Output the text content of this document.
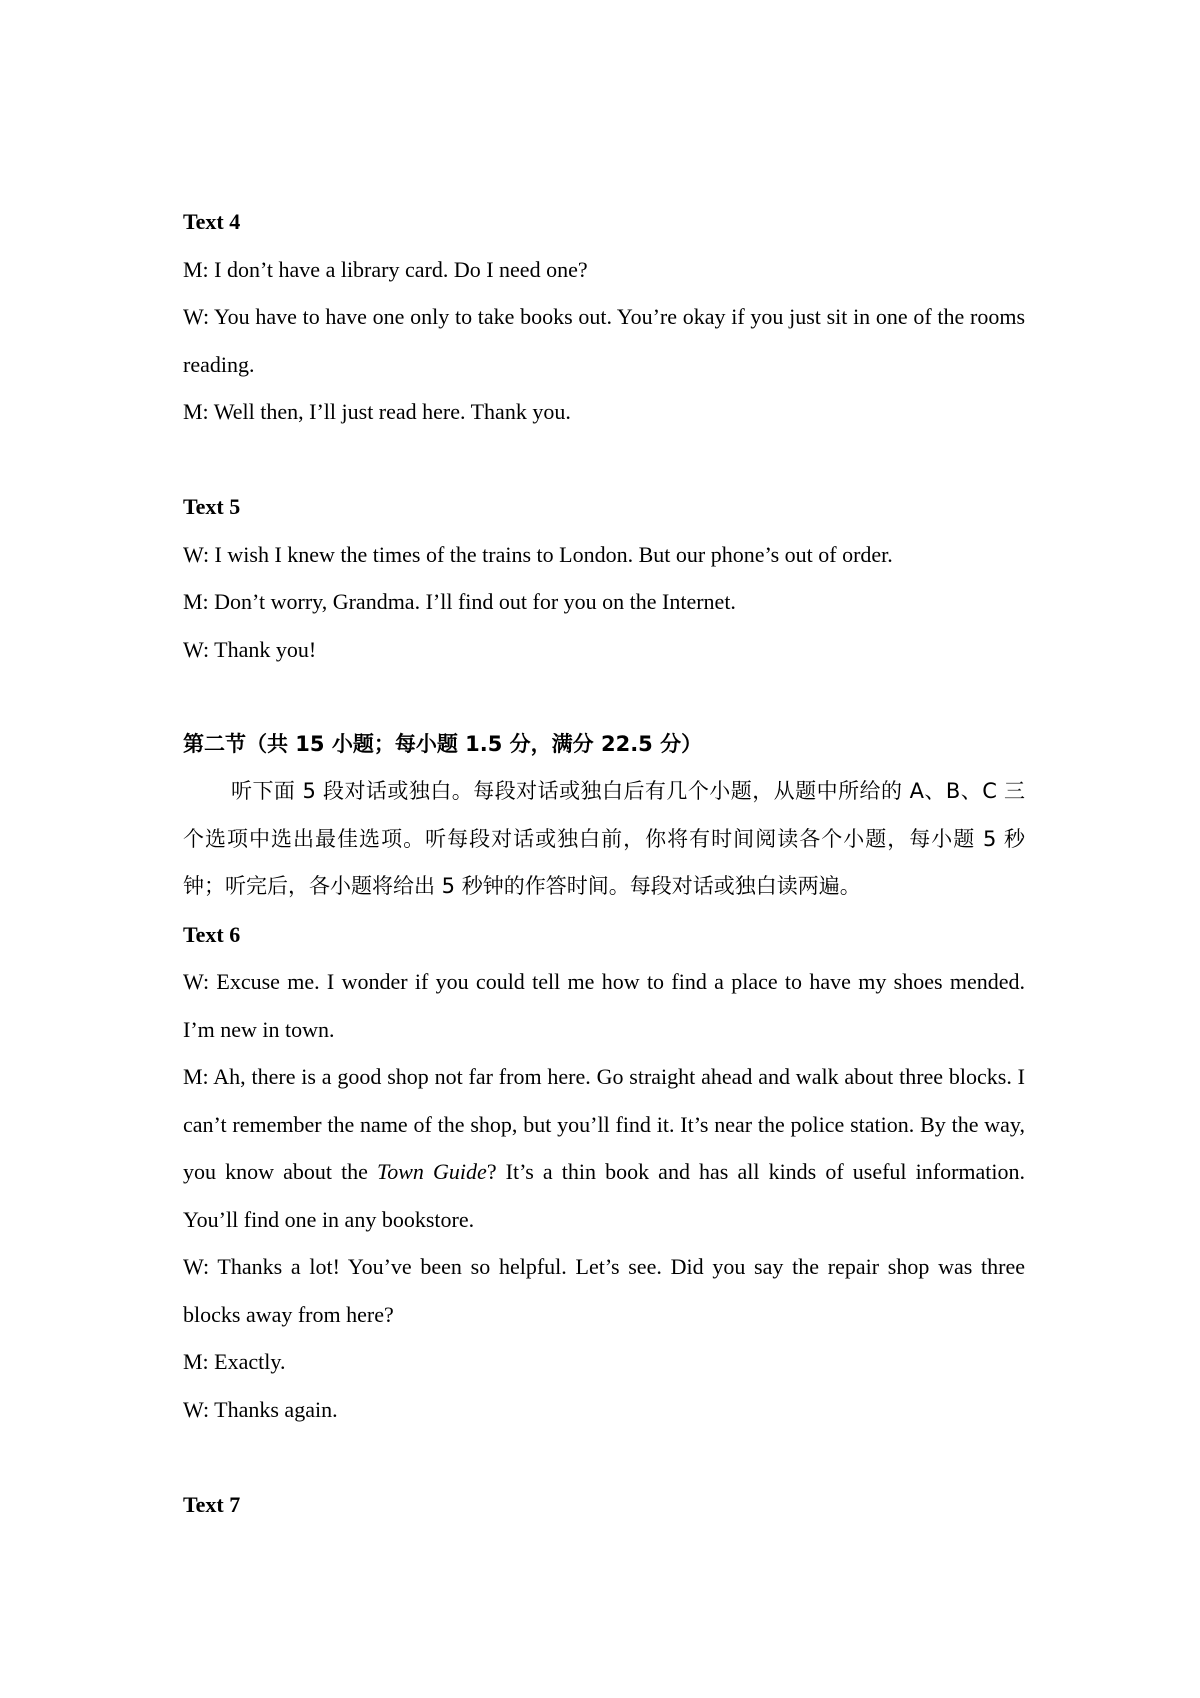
Text 4

M: I don’t have a library card. Do I need one?

W: You have to have one only to take books out. You’re okay if you just sit in one of the rooms reading.

M: Well then, I’ll just read here. Thank you.

Text 5

W: I wish I knew the times of the trains to London. But our phone’s out of order.

M: Don’t worry, Grandma. I’ll find out for you on the Internet.

W: Thank you!

第二节（共 15 小题；每小题 1.5 分，满分 22.5 分）

听下面 5 段对话或独白。每段对话或独白后有几个小题，从题中所给的 A、B、C 三个选项中选出最佳选项。听每段对话或独白前，你将有时间阅读各个小题，每小题 5 秒钟；听完后，各小题将给出 5 秒钟的作答时间。每段对话或独白读两遍。

Text 6

W: Excuse me. I wonder if you could tell me how to find a place to have my shoes mended. I’m new in town.

M: Ah, there is a good shop not far from here. Go straight ahead and walk about three blocks. I can’t remember the name of the shop, but you’ll find it. It’s near the police station. By the way, you know about the Town Guide? It’s a thin book and has all kinds of useful information. You’ll find one in any bookstore.

W: Thanks a lot! You’ve been so helpful. Let’s see. Did you say the repair shop was three blocks away from here?

M: Exactly.

W: Thanks again.

Text 7
